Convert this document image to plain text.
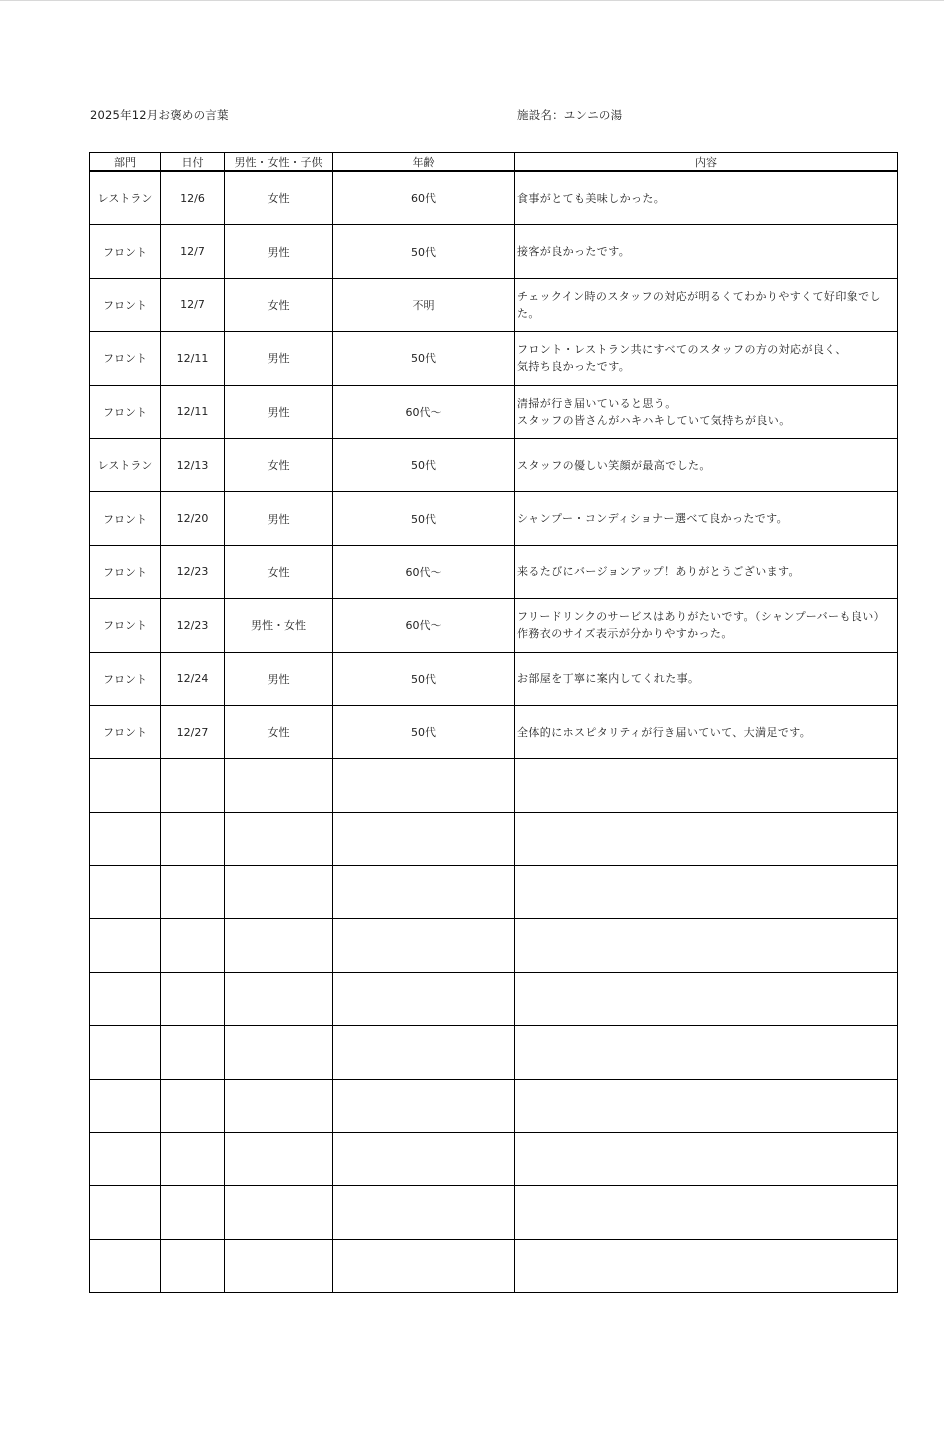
2025年12月お褒めの言葉	施設名：ユンニの湯
部門	日付	男性・女性・子供	年齢	内容
レストラン	12/6	女性	60代	食事がとても美味しかった。

フロント	12/7	男性	50代	接客が良かったです。

フロント	12/7	女性	不明	チェックイン時のスタッフの対応が明るくてわかりやすくて好印象でした。

フロント	12/11	男性	50代	フロント・レストラン共にすべてのスタッフの方の対応が良く、
気持ち良かったです。

フロント	12/11	男性	60代～	清掃が行き届いていると思う。
スタッフの皆さんがハキハキしていて気持ちが良い。

レストラン	12/13	女性	50代	スタッフの優しい笑顔が最高でした。

フロント	12/20	男性	50代	シャンプー・コンディショナー選べて良かったです。

フロント	12/23	女性	60代～	来るたびにバージョンアップ！ありがとうございます。

フロント	12/23	男性・女性	60代～	フリードリンクのサービスはありがたいです。（シャンプーバーも良い）
作務衣のサイズ表示が分かりやすかった。

フロント	12/24	男性	50代	お部屋を丁寧に案内してくれた事。

フロント	12/27	女性	50代	全体的にホスピタリティが行き届いていて、大満足です。
